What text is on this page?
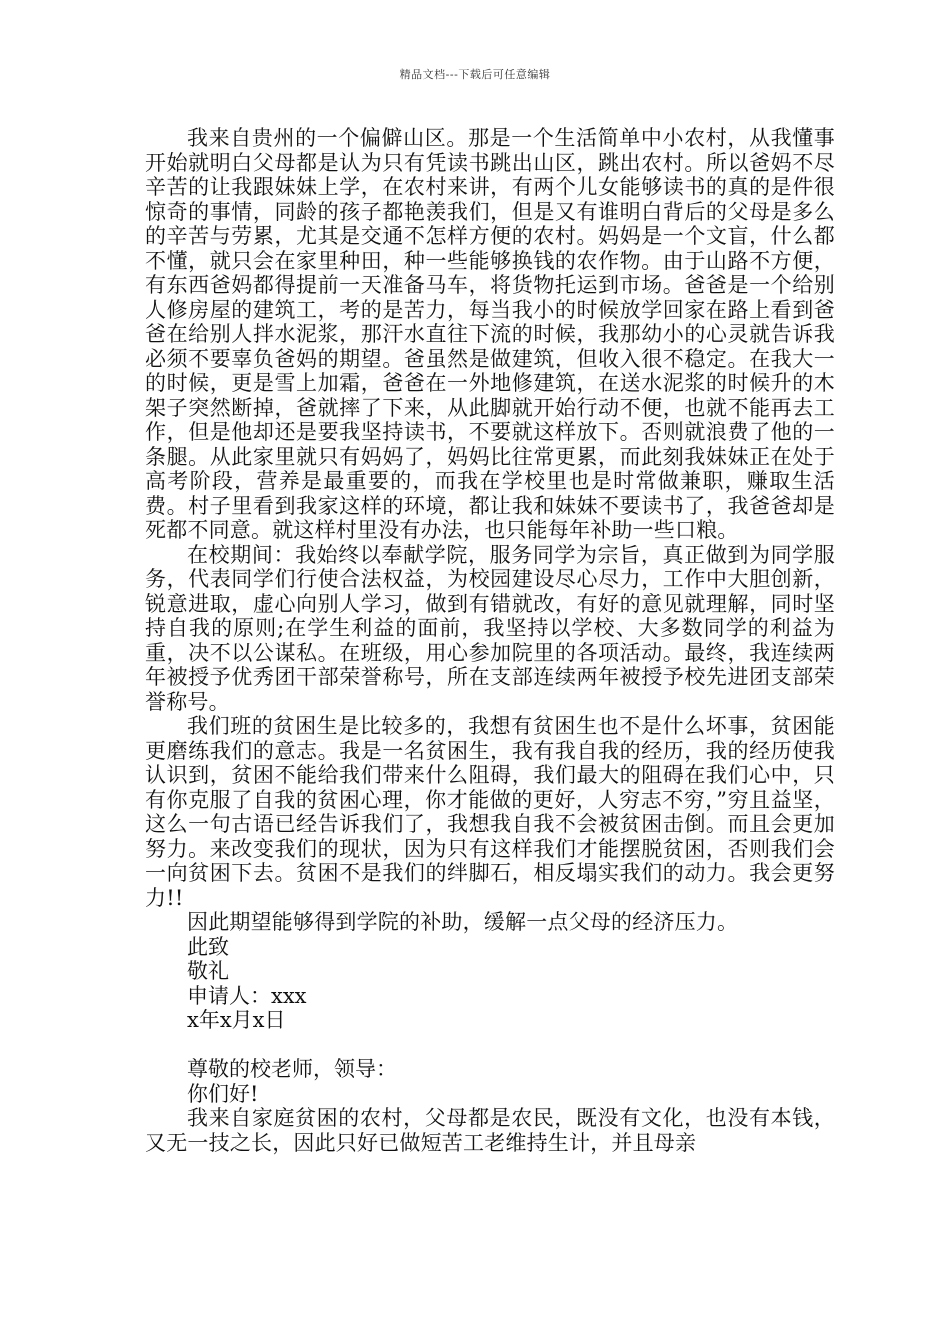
精品文档---下载后可任意编辑

我来自贵州的一个偏僻山区。那是一个生活简单中小农村，从我懂事开始就明白父母都是认为只有凭读书跳出山区，跳出农村。所以爸妈不尽辛苦的让我跟妹妹上学，在农村来讲，有两个儿女能够读书的真的是件很惊奇的事情，同龄的孩子都艳羡我们，但是又有谁明白背后的父母是多么的辛苦与劳累，尤其是交通不怎样方便的农村。妈妈是一个文盲，什么都不懂，就只会在家里种田，种一些能够换钱的农作物。由于山路不方便，有东西爸妈都得提前一天准备马车，将货物托运到市场。爸爸是一个给别人修房屋的建筑工，考的是苦力，每当我小的时候放学回家在路上看到爸爸在给别人拌水泥浆，那汗水直往下流的时候，我那幼小的心灵就告诉我必须不要辜负爸妈的期望。爸虽然是做建筑，但收入很不稳定。在我大一的时候，更是雪上加霜，爸爸在一外地修建筑，在送水泥浆的时候升的木架子突然断掉，爸就摔了下来，从此脚就开始行动不便，也就不能再去工作，但是他却还是要我坚持读书，不要就这样放下。否则就浪费了他的一条腿。从此家里就只有妈妈了，妈妈比往常更累，而此刻我妹妹正在处于高考阶段，营养是最重要的，而我在学校里也是时常做兼职，赚取生活费。村子里看到我家这样的环境，都让我和妹妹不要读书了，我爸爸却是死都不同意。就这样村里没有办法，也只能每年补助一些口粮。

在校期间：我始终以奉献学院，服务同学为宗旨，真正做到为同学服务，代表同学们行使合法权益，为校园建设尽心尽力，工作中大胆创新，锐意进取，虚心向别人学习，做到有错就改，有好的意见就理解，同时坚持自我的原则;在学生利益的面前，我坚持以学校、大多数同学的利益为重，决不以公谋私。在班级，用心参加院里的各项活动。最终，我连续两年被授予优秀团干部荣誉称号，所在支部连续两年被授予校先进团支部荣誉称号。

我们班的贫困生是比较多的，我想有贫困生也不是什么坏事，贫困能更磨练我们的意志。我是一名贫困生，我有我自我的经历，我的经历使我认识到，贫困不能给我们带来什么阻碍，我们最大的阻碍在我们心中，只有你克服了自我的贫困心理，你才能做的更好，人穷志不穷，”穷且益坚，这么一句古语已经告诉我们了，我想我自我不会被贫困击倒。而且会更加努力。来改变我们的现状，因为只有这样我们才能摆脱贫困，否则我们会一向贫困下去。贫困不是我们的绊脚石，相反塌实我们的动力。我会更努力!!

因此期望能够得到学院的补助，缓解一点父母的经济压力。

此致

敬礼

申请人：xxx

x年x月x日

尊敬的校老师，领导：

你们好!

我来自家庭贫困的农村，父母都是农民，既没有文化，也没有本钱，又无一技之长，因此只好已做短苦工老维持生计，并且母亲
